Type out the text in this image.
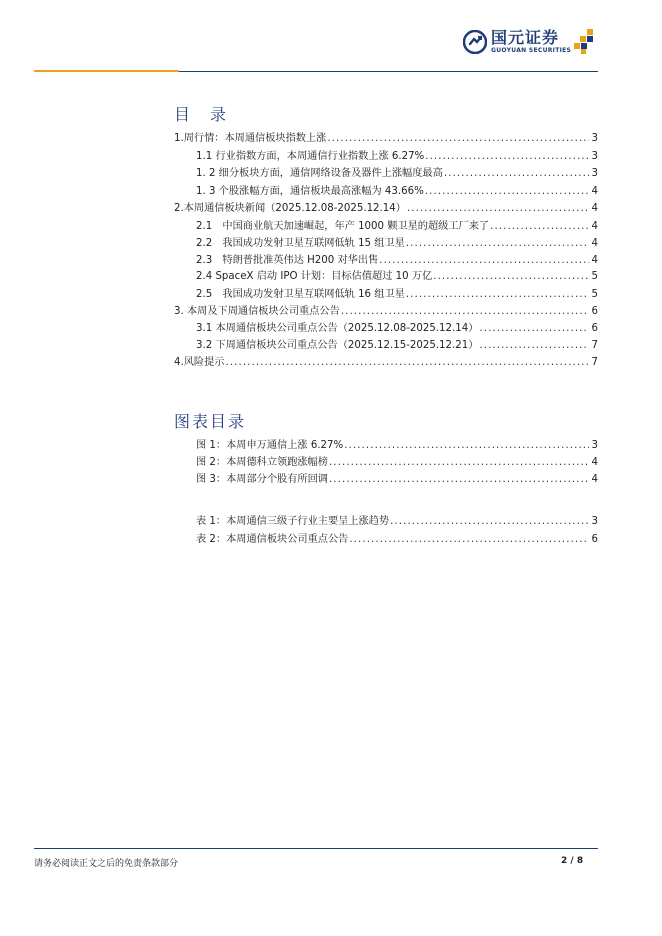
国元证券
GUOYUAN SECURITIES
目　录
1.周行情：本周通信板块指数上涨 .....	3
1.1 行业指数方面，本周通信行业指数上涨 6.27% .....	3
1. 2 细分板块方面，通信网络设备及器件上涨幅度最高 .....	3
1. 3 个股涨幅方面，通信板块最高涨幅为 43.66% .....	4
2.本周通信板块新闻（2025.12.08-2025.12.14） .....	4
2.1　中国商业航天加速崛起，年产 1000 颗卫星的超级工厂来了 .....	4
2.2　我国成功发射卫星互联网低轨 15 组卫星 .....	4
2.3　特朗普批准英伟达 H200 对华出售 .....	4
2.4 SpaceX 启动 IPO 计划：目标估值超过 10 万亿 .....	5
2.5　我国成功发射卫星互联网低轨 16 组卫星 .....	5
3. 本周及下周通信板块公司重点公告 .....	6
3.1 本周通信板块公司重点公告（2025.12.08-2025.12.14） .....	6
3.2 下周通信板块公司重点公告（2025.12.15-2025.12.21） .....	7
4.风险提示 .....	7
图表目录
图 1：本周申万通信上涨 6.27% .....	3
图 2：本周德科立领跑涨幅榜 .....	4
图 3：本周部分个股有所回调 .....	4
表 1：本周通信三级子行业主要呈上涨趋势 .....	3
表 2：本周通信板块公司重点公告 .....	6
请务必阅读正文之后的免责条款部分	2 / 8
